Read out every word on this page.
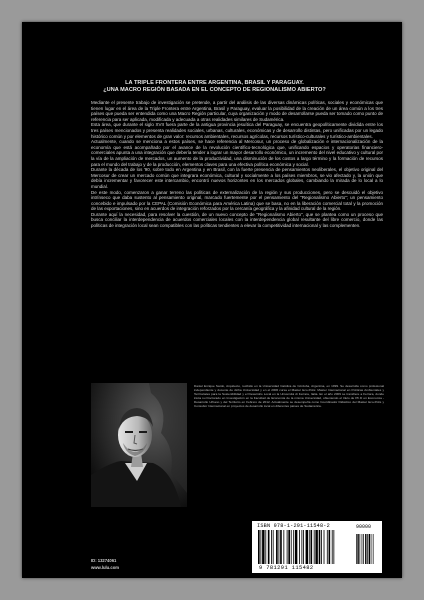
LA TRIPLE FRONTERA ENTRE ARGENTINA, BRASIL Y PARAGUAY.
¿UNA MACRO REGIÓN BASADA EN EL CONCEPTO DE REGIONALISMO ABIERTO?

Mediante el presente trabajo de investigación se pretende, a partir del análisis de las diversas dinámicas políticas, sociales y económicas que tienen lugar en el área de la Triple Frontera entre Argentina, Brasil y Paraguay, evaluar la posibilidad de la creación de un área común a los tres países que pueda ser entendida como una Macro Región particular, cuya organización y modo de desarrollarse pueda ser tomado como punto de referencia para ser aplicada, modificada y adecuada a otras realidades similares de Sudamérica.

Esta área, que durante el siglo XVII fuera parte de la antigua provincia jesuítica del Paraguay, se encuentra geopolíticamente dividida entre los tres países mencionados y presenta realidades sociales, urbanas, culturales, económicas y de desarrollo distintas, pero unificadas por un legado histórico común y por elementos de gran valor: recursos ambientales, recursos agrícolas, recursos turístico-culturales y turístico-ambientales.

Actualmente, cuando se menciona a estos países, se hace referencia al Mercosur, un proceso de globalización e internacionalización de la economía que está acompañado por el avance de la revolución científico-tecnológica que, unificando espacios y operatorias financiero- comerciales apunta a una integración que debería tender a lograr un mayor desarrollo económico, un incremento del nivel educativo y cultural por la vía de la ampliación de mercados, un aumento de la productividad, una disminución de los costos a largo término y la formación de recursos para el mundo del trabajo y de la producción, elementos claves para una efectiva política económica y social.

Durante la década de los '90, sobre todo en Argentina y en Brasil, con la fuerte presencia de pensamientos neoliberales, el objetivo original del Mercosur de crear un mercado común que integrara económica, cultural y socialmente a los países miembros, se vio afectado y, la unión que debía incrementar y favorecer este intercambio, encontró nuevos horizontes en los mercados globales, cambiando la mirada de lo local a lo mundial.

De este modo, comenzaron a ganar terreno las políticas de externalización de la región y sus producciones, pero se descuidó el objetivo intrínseco que daba sustento al pensamiento original, marcado fuertemente por el pensamiento del "Regionalismo Abierto"; un pensamiento concebido e impulsado por la CEPAL (Comisión Económica para América Latina) que se basa, no en la liberación comercial total y la promoción de las exportaciones, sino en acuerdos de integración reforzados por la cercanía geográfica y la afinidad cultural de la región.

Durante aquí la necesidad, para resolver la cuestión, de un nuevo concepto de "Regionalismo Abierto", que se plantea como un proceso que busca conciliar la interdependencia de acuerdos comerciales locales con la interdependencia global resultante del libre comercio, donde las políticas de integración local sean compatibles con las políticas tendientes a elevar la competitividad internacional y las complementen.

Daniel Enrique Sardo, Arquitecto, recibido en la Universidad Católica de Córdoba, Argentina, en 1999. Se desarrolla como profesional independiente y docente de dicha Universidad y en el 2006 cursa el Master Eco-Polis: Master Internacional en Políticas Ambientales y Territoriales para la Sostenibilidad y el Desarrollo Local en la Università di Ferrara, Italia. En el año 2009 se transfiere a Ferrara, donde inicia su Doctorado en Investigación en la Facultad de Economía de la misma Universidad, obteniendo el título de Ph.D en Economía - Desarrollo Urbano y del Territorio en Febrero de 2012. Actualmente se desempeña como Coordinador Didáctico del Master Eco-Polis y Consultor Internacional en proyectos de desarrollo local en diferentes países de Sudamérica.
ISBN 978-1-291-11548-2	90000
9 781291 115482
ID: 13274061
www.lulu.com
